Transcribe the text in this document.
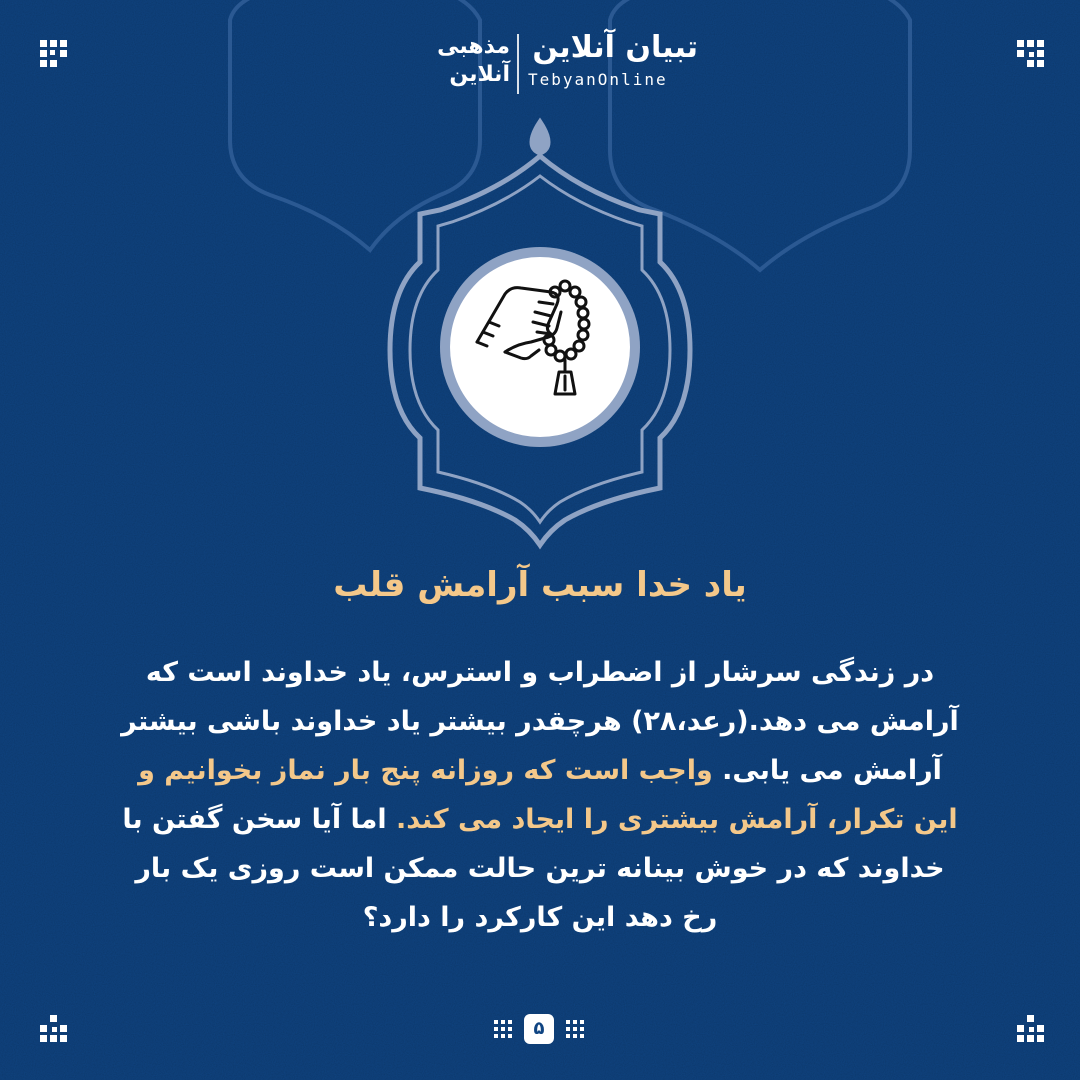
تبیان آنلاین
TebyanOnline
مذهبی
آنلاین
یاد خدا سبب آرامش قلب
در زندگی سرشار از اضطراب و استرس، یاد خداوند است که آرامش می دهد.(رعد،۲۸) هرچقدر بیشتر یاد خداوند باشی بیشتر آرامش می یابی. واجب است که روزانه پنج بار نماز بخوانیم و این تکرار، آرامش بیشتری را ایجاد می کند. اما آیا سخن گفتن با خداوند که در خوش بینانه ترین حالت ممکن است روزی یک بار رخ دهد این کارکرد را دارد؟
۵
